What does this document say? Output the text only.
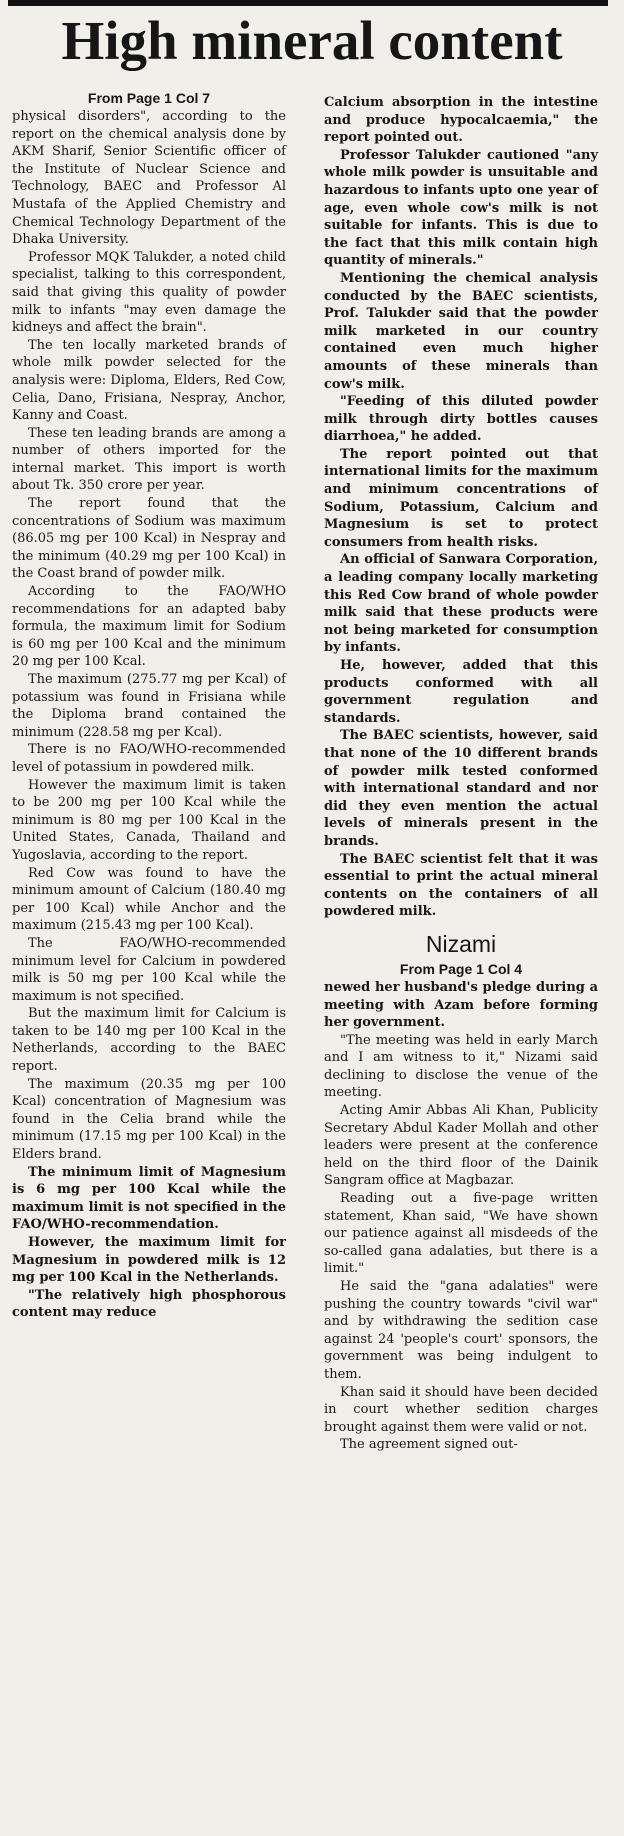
High mineral content

From Page 1 Col 7

physical disorders", according to the report on the chemical analysis done by AKM Sharif, Senior Scientific officer of the Institute of Nuclear Science and Technology, BAEC and Professor Al Mustafa of the Applied Chemistry and Chemical Technology Department of the Dhaka University.

Professor MQK Talukder, a noted child specialist, talking to this correspondent, said that giving this quality of powder milk to infants "may even damage the kidneys and affect the brain".

The ten locally marketed brands of whole milk powder selected for the analysis were: Diploma, Elders, Red Cow, Celia, Dano, Frisiana, Nespray, Anchor, Kanny and Coast.

These ten leading brands are among a number of others imported for the internal market. This import is worth about Tk. 350 crore per year.

The report found that the concentrations of Sodium was maximum (86.05 mg per 100 Kcal) in Nespray and the minimum (40.29 mg per 100 Kcal) in the Coast brand of powder milk.

According to the FAO/WHO recommendations for an adapted baby formula, the maximum limit for Sodium is 60 mg per 100 Kcal and the minimum 20 mg per 100 Kcal.

The maximum (275.77 mg per Kcal) of potassium was found in Frisiana while the Diploma brand contained the minimum (228.58 mg per Kcal).

There is no FAO/WHO-recommended level of potassium in powdered milk.

However the maximum limit is taken to be 200 mg per 100 Kcal while the minimum is 80 mg per 100 Kcal in the United States, Canada, Thailand and Yugoslavia, according to the report.

Red Cow was found to have the minimum amount of Calcium (180.40 mg per 100 Kcal) while Anchor and the maximum (215.43 mg per 100 Kcal).

The FAO/WHO-recommended minimum level for Calcium in powdered milk is 50 mg per 100 Kcal while the maximum is not specified.

But the maximum limit for Calcium is taken to be 140 mg per 100 Kcal in the Netherlands, according to the BAEC report.

The maximum (20.35 mg per 100 Kcal) concentration of Magnesium was found in the Celia brand while the minimum (17.15 mg per 100 Kcal) in the Elders brand.

The minimum limit of Magnesium is 6 mg per 100 Kcal while the maximum limit is not specified in the FAO/WHO-recommendation.

However, the maximum limit for Magnesium in powdered milk is 12 mg per 100 Kcal in the Netherlands.

"The relatively high phosphorous content may reduce

Calcium absorption in the intestine and produce hypocalcaemia," the report pointed out.

Professor Talukder cautioned "any whole milk powder is unsuitable and hazardous to infants upto one year of age, even whole cow's milk is not suitable for infants. This is due to the fact that this milk contain high quantity of minerals."

Mentioning the chemical analysis conducted by the BAEC scientists, Prof. Talukder said that the powder milk marketed in our country contained even much higher amounts of these minerals than cow's milk.

"Feeding of this diluted powder milk through dirty bottles causes diarrhoea," he added.

The report pointed out that international limits for the maximum and minimum concentrations of Sodium, Potassium, Calcium and Magnesium is set to protect consumers from health risks.

An official of Sanwara Corporation, a leading company locally marketing this Red Cow brand of whole powder milk said that these products were not being marketed for consumption by infants.

He, however, added that this products conformed with all government regulation and standards.

The BAEC scientists, however, said that none of the 10 different brands of powder milk tested conformed with international standard and nor did they even mention the actual levels of minerals present in the brands.

The BAEC scientist felt that it was essential to print the actual mineral contents on the containers of all powdered milk.

Nizami

From Page 1 Col 4

newed her husband's pledge during a meeting with Azam before forming her government.

"The meeting was held in early March and I am witness to it," Nizami said declining to disclose the venue of the meeting.

Acting Amir Abbas Ali Khan, Publicity Secretary Abdul Kader Mollah and other leaders were present at the conference held on the third floor of the Dainik Sangram office at Magbazar.

Reading out a five-page written statement, Khan said, "We have shown our patience against all misdeeds of the so-called gana adalaties, but there is a limit."

He said the "gana adalaties" were pushing the country towards "civil war" and by withdrawing the sedition case against 24 'people's court' sponsors, the government was being indulgent to them.

Khan said it should have been decided in court whether sedition charges brought against them were valid or not.

The agreement signed out-
